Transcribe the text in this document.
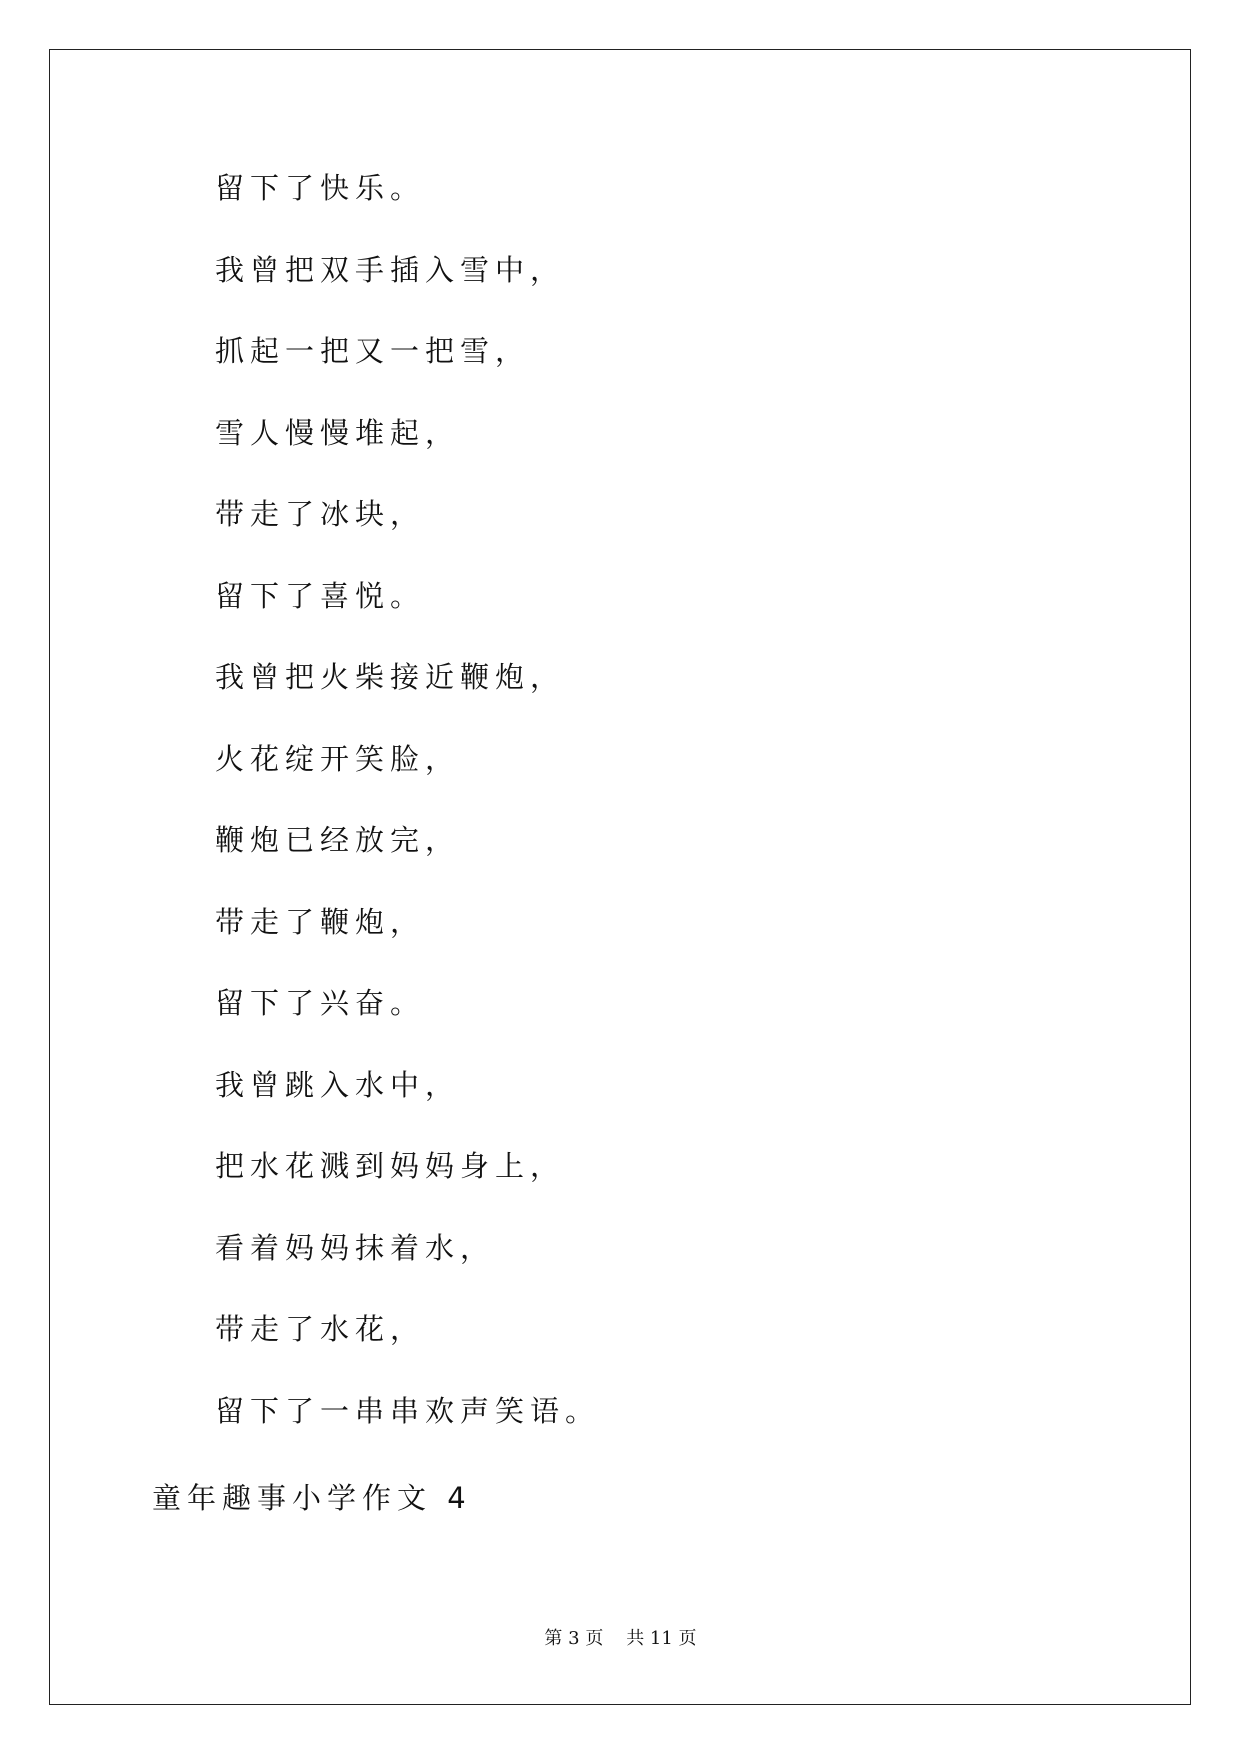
留下了快乐。
我曾把双手插入雪中，
抓起一把又一把雪，
雪人慢慢堆起，
带走了冰块，
留下了喜悦。
我曾把火柴接近鞭炮，
火花绽开笑脸，
鞭炮已经放完，
带走了鞭炮，
留下了兴奋。
我曾跳入水中，
把水花溅到妈妈身上，
看着妈妈抹着水，
带走了水花，
留下了一串串欢声笑语。
童年趣事小学作文 4
第 3 页    共 11 页
